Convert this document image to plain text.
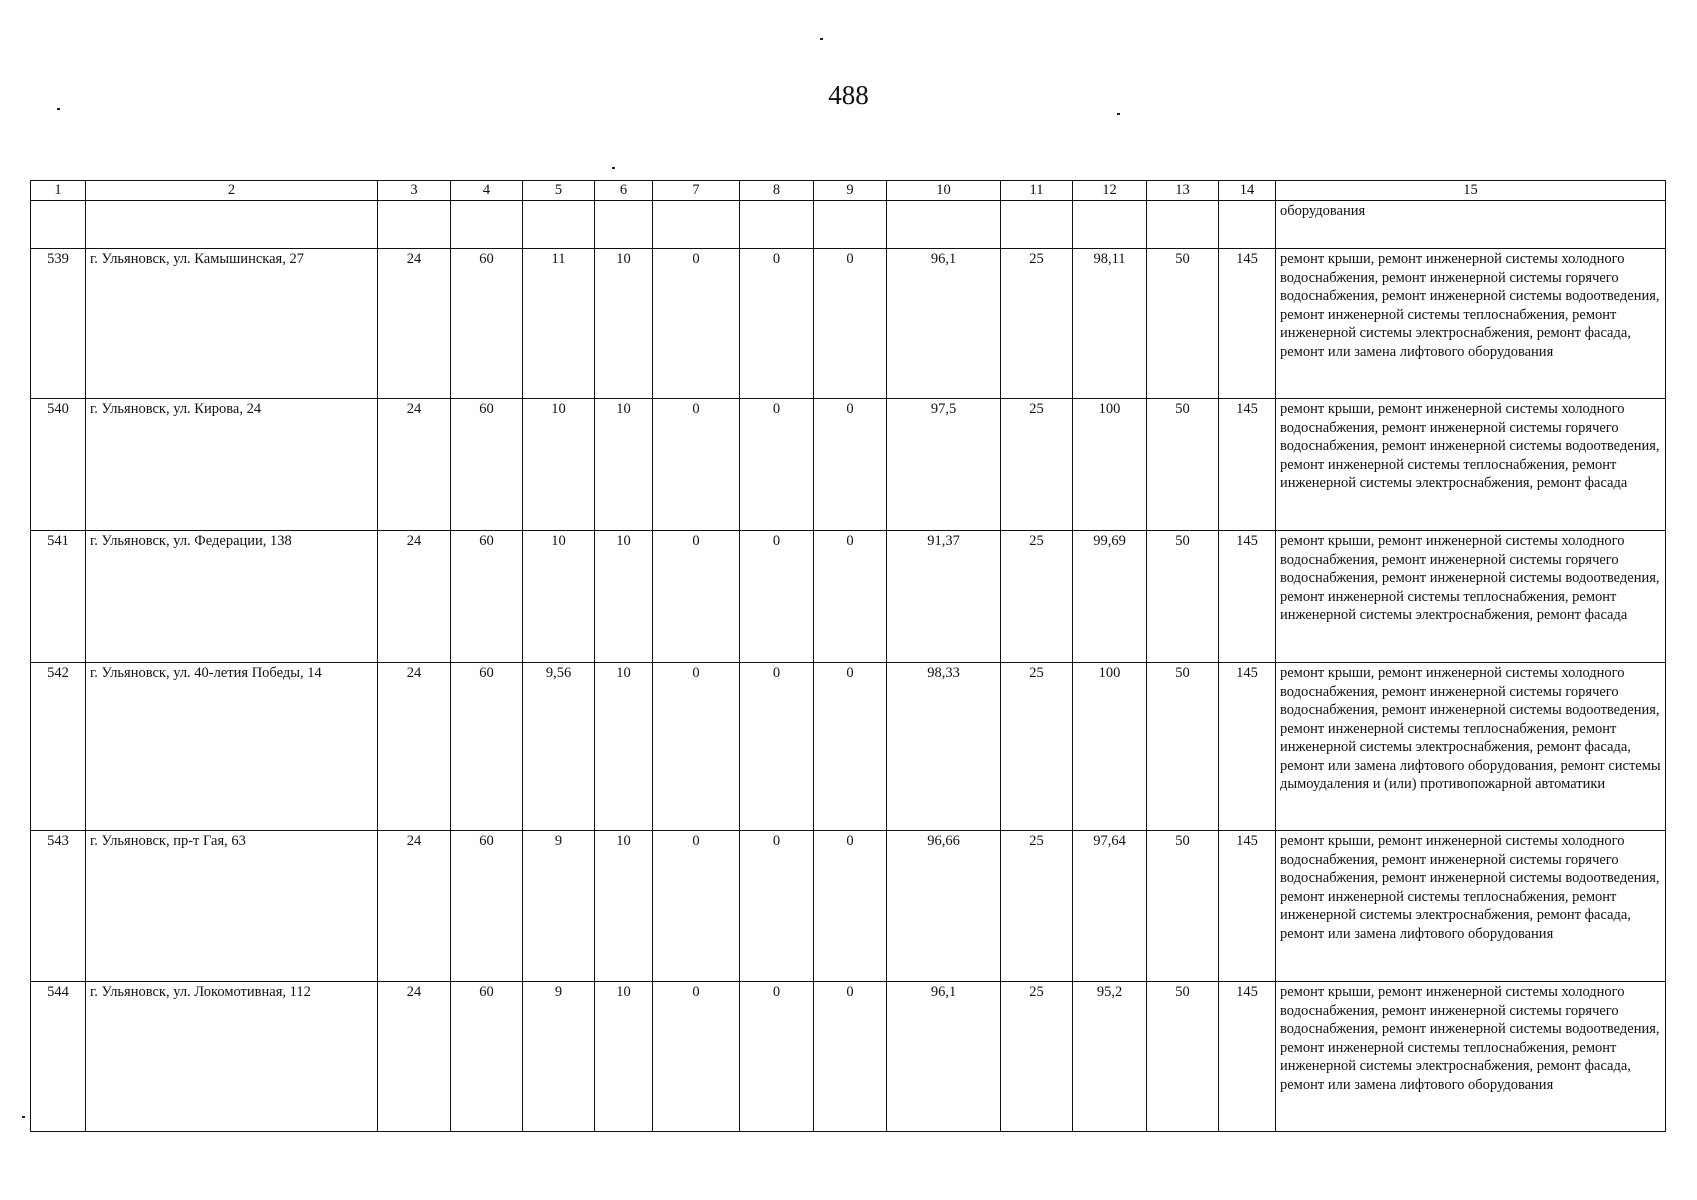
488
1	2	3	4	5	6	7	8	9	10	11	12	13	14	15
														оборудования
539	г. Ульяновск, ул. Камышинская, 27	24	60	11	10	0	0	0	96,1	25	98,11	50	145	ремонт крыши, ремонт инженерной системы холодного водоснабжения, ремонт инженерной системы горячего водоснабжения, ремонт инженерной системы водоотведения, ремонт инженерной системы теплоснабжения, ремонт инженерной системы электроснабжения, ремонт фасада, ремонт или замена лифтового оборудования
540	г. Ульяновск, ул. Кирова, 24	24	60	10	10	0	0	0	97,5	25	100	50	145	ремонт крыши, ремонт инженерной системы холодного водоснабжения, ремонт инженерной системы горячего водоснабжения, ремонт инженерной системы водоотведения, ремонт инженерной системы теплоснабжения, ремонт инженерной системы электроснабжения, ремонт фасада
541	г. Ульяновск, ул. Федерации, 138	24	60	10	10	0	0	0	91,37	25	99,69	50	145	ремонт крыши, ремонт инженерной системы холодного водоснабжения, ремонт инженерной системы горячего водоснабжения, ремонт инженерной системы водоотведения, ремонт инженерной системы теплоснабжения, ремонт инженерной системы электроснабжения, ремонт фасада
542	г. Ульяновск, ул. 40-летия Победы, 14	24	60	9,56	10	0	0	0	98,33	25	100	50	145	ремонт крыши, ремонт инженерной системы холодного водоснабжения, ремонт инженерной системы горячего водоснабжения, ремонт инженерной системы водоотведения, ремонт инженерной системы теплоснабжения, ремонт инженерной системы электроснабжения, ремонт фасада, ремонт или замена лифтового оборудования, ремонт системы дымоудаления и (или) противопожарной автоматики
543	г. Ульяновск, пр-т Гая, 63	24	60	9	10	0	0	0	96,66	25	97,64	50	145	ремонт крыши, ремонт инженерной системы холодного водоснабжения, ремонт инженерной системы горячего водоснабжения, ремонт инженерной системы водоотведения, ремонт инженерной системы теплоснабжения, ремонт инженерной системы электроснабжения, ремонт фасада, ремонт или замена лифтового оборудования
544	г. Ульяновск, ул. Локомотивная, 112	24	60	9	10	0	0	0	96,1	25	95,2	50	145	ремонт крыши, ремонт инженерной системы холодного водоснабжения, ремонт инженерной системы горячего водоснабжения, ремонт инженерной системы водоотведения, ремонт инженерной системы теплоснабжения, ремонт инженерной системы электроснабжения, ремонт фасада, ремонт или замена лифтового оборудования
